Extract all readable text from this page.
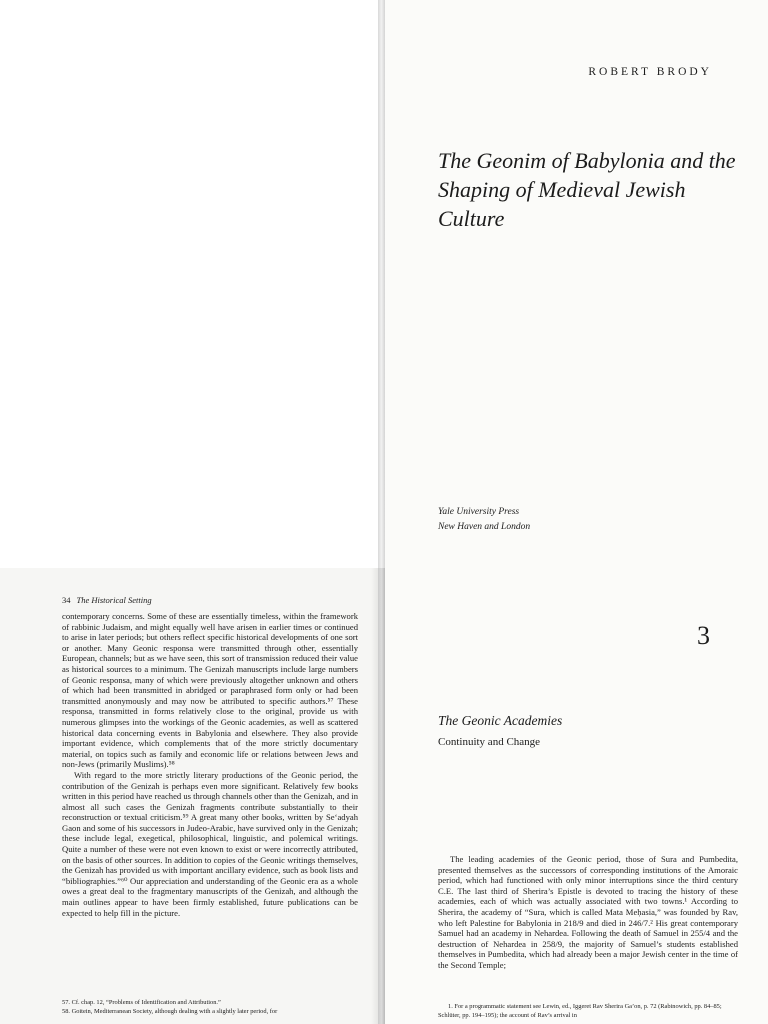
ROBERT BRODY
The Geonim of Babylonia and the Shaping of Medieval Jewish Culture
Yale University Press
New Haven and London
34 The Historical Setting

contemporary concerns. Some of these are essentially timeless, within the framework of rabbinic Judaism, and might equally well have arisen in earlier times or continued to arise in later periods; but others reflect specific historical developments of one sort or another. Many Geonic responsa were transmitted through other, essentially European, channels; but as we have seen, this sort of transmission reduced their value as historical sources to a minimum. The Genizah manuscripts include large numbers of Geonic responsa, many of which were previously altogether unknown and others of which had been transmitted in abridged or paraphrased form only or had been transmitted anonymously and may now be attributed to specific authors.⁵⁷ These responsa, transmitted in forms relatively close to the original, provide us with numerous glimpses into the workings of the Geonic academies, as well as scattered historical data concerning events in Babylonia and elsewhere. They also provide important evidence, which complements that of the more strictly documentary material, on topics such as family and economic life or relations between Jews and non-Jews (primarily Muslims).⁵⁸

With regard to the more strictly literary productions of the Geonic period, the contribution of the Genizah is perhaps even more significant. Relatively few books written in this period have reached us through channels other than the Genizah, and in almost all such cases the Genizah fragments contribute substantially to their reconstruction or textual criticism.⁵⁹ A great many other books, written by Se‘adyah Gaon and some of his successors in Judeo-Arabic, have survived only in the Genizah; these include legal, exegetical, philosophical, linguistic, and polemical writings. Quite a number of these were not even known to exist or were incorrectly attributed, on the basis of other sources. In addition to copies of the Geonic writings themselves, the Genizah has provided us with important ancillary evidence, such as book lists and “bibliographies.”⁶⁰ Our appreciation and understanding of the Geonic era as a whole owes a great deal to the fragmentary manuscripts of the Genizah, and although the main outlines appear to have been firmly established, future publications can be expected to help fill in the picture.

57. Cf. chap. 12, “Problems of Identification and Attribution.”

58. Goitein, Mediterranean Society, although dealing with a slightly later period, for

3
The Geonic Academies
Continuity and Change
The leading academies of the Geonic period, those of Sura and Pumbedita, presented themselves as the successors of corresponding institutions of the Amoraic period, which had functioned with only minor interruptions since the third century C.E. The last third of Sherira’s Epistle is devoted to tracing the history of these academies, each of which was actually associated with two towns.¹ According to Sherira, the academy of “Sura, which is called Mata Meḥasia,” was founded by Rav, who left Palestine for Babylonia in 218/9 and died in 246/7.² His great contemporary Samuel had an academy in Nehardea. Following the death of Samuel in 255/4 and the destruction of Nehardea in 258/9, the majority of Samuel’s students established themselves in Pumbedita, which had already been a major Jewish center in the time of the Second Temple;
1. For a programmatic statement see Lewin, ed., Iggeret Rav Sherira Ga’on, p. 72 (Rabinowich, pp. 84–85; Schlüter, pp. 194–195); the account of Rav’s arrival in
